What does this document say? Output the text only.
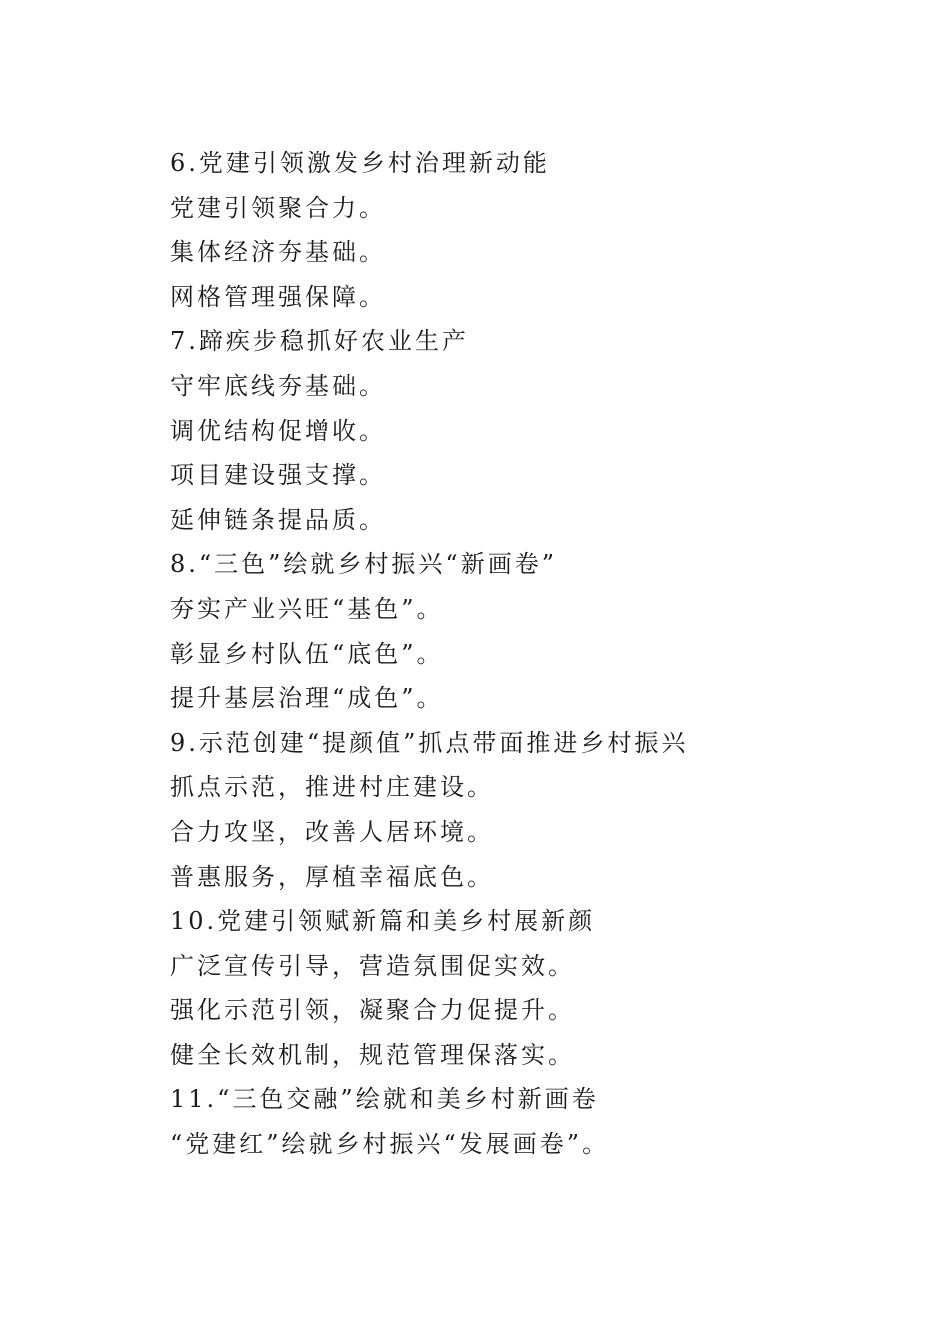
6.党建引领激发乡村治理新动能
党建引领聚合力。
集体经济夯基础。
网格管理强保障。
7.蹄疾步稳抓好农业生产
守牢底线夯基础。
调优结构促增收。
项目建设强支撑。
延伸链条提品质。
8.“三色”绘就乡村振兴“新画卷”
夯实产业兴旺“基色”。
彰显乡村队伍“底色”。
提升基层治理“成色”。
9.示范创建“提颜值”抓点带面推进乡村振兴
抓点示范，推进村庄建设。
合力攻坚，改善人居环境。
普惠服务，厚植幸福底色。
10.党建引领赋新篇和美乡村展新颜
广泛宣传引导，营造氛围促实效。
强化示范引领，凝聚合力促提升。
健全长效机制，规范管理保落实。
11.“三色交融”绘就和美乡村新画卷
“党建红”绘就乡村振兴“发展画卷”。
